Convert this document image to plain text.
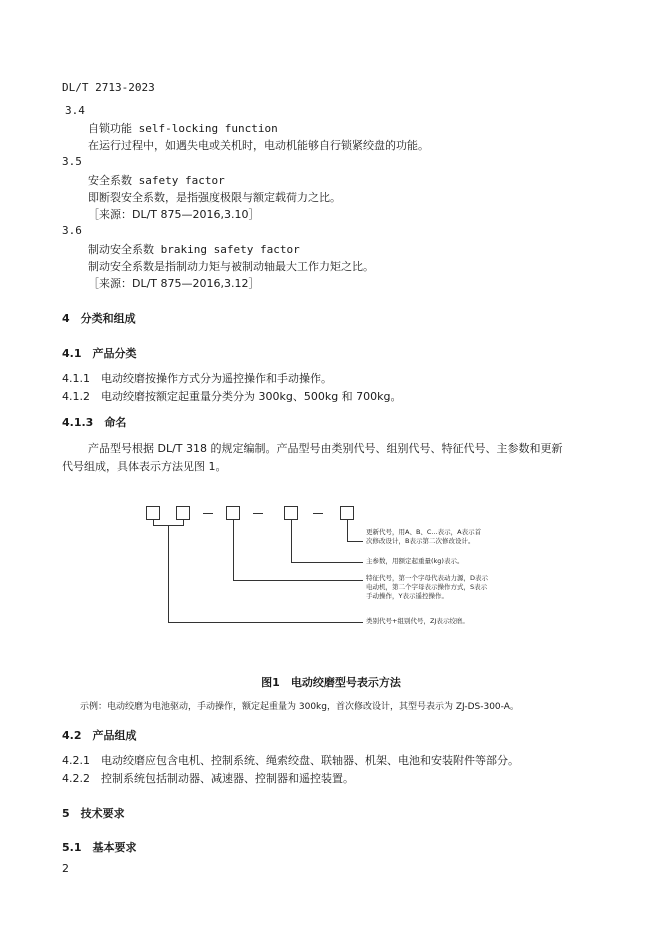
DL/T 2713-2023
3.4
自锁功能 self-locking function
在运行过程中，如遇失电或关机时，电动机能够自行锁紧绞盘的功能。
3.5
安全系数 safety factor
即断裂安全系数，是指强度极限与额定载荷力之比。
［来源：DL/T 875—2016,3.10］
3.6
制动安全系数 braking safety factor
制动安全系数是指制动力矩与被制动轴最大工作力矩之比。
［来源：DL/T 875—2016,3.12］
4　分类和组成
4.1　产品分类
4.1.1　电动绞磨按操作方式分为遥控操作和手动操作。
4.1.2　电动绞磨按额定起重量分类分为 300kg、500kg 和 700kg。
4.1.3　命名
产品型号根据 DL/T 318 的规定编制。产品型号由类别代号、组别代号、特征代号、主参数和更新
代号组成，具体表示方法见图 1。
更新代号，用A、B、C...表示，A表示首
次修改设计，B表示第二次修改设计。
主参数，用额定起重量(kg)表示。
特征代号，第一个字母代表动力源，D表示
电动机，第二个字母表示操作方式，S表示
手动操作，Y表示遥控操作。
类别代号+组别代号，ZJ表示绞磨。
图1　电动绞磨型号表示方法
示例：电动绞磨为电池驱动，手动操作，额定起重量为 300kg，首次修改设计，其型号表示为 ZJ-DS-300-A。
4.2　产品组成
4.2.1　电动绞磨应包含电机、控制系统、绳索绞盘、联轴器、机架、电池和安装附件等部分。
4.2.2　控制系统包括制动器、减速器、控制器和遥控装置。
5　技术要求
5.1　基本要求
2
